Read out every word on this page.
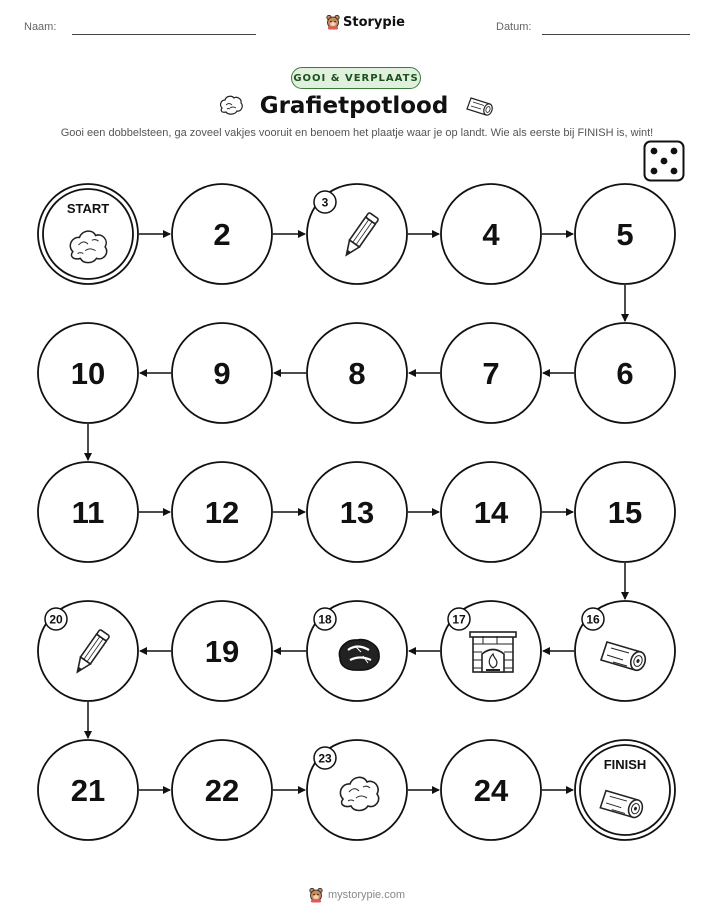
Naam:	Storypie	Datum:
GOOI & VERPLAATS
Grafietpotlood
Gooi een dobbelsteen, ga zoveel vakjes vooruit en benoem het plaatje waar je op landt. Wie als eerste bij FINISH is, wint!
START
2
3
4	5
6
7
8
9
10
11	12	13	14	15
16
17
18
19
20
21	22
23
24
FINISH
mystorypie.com
